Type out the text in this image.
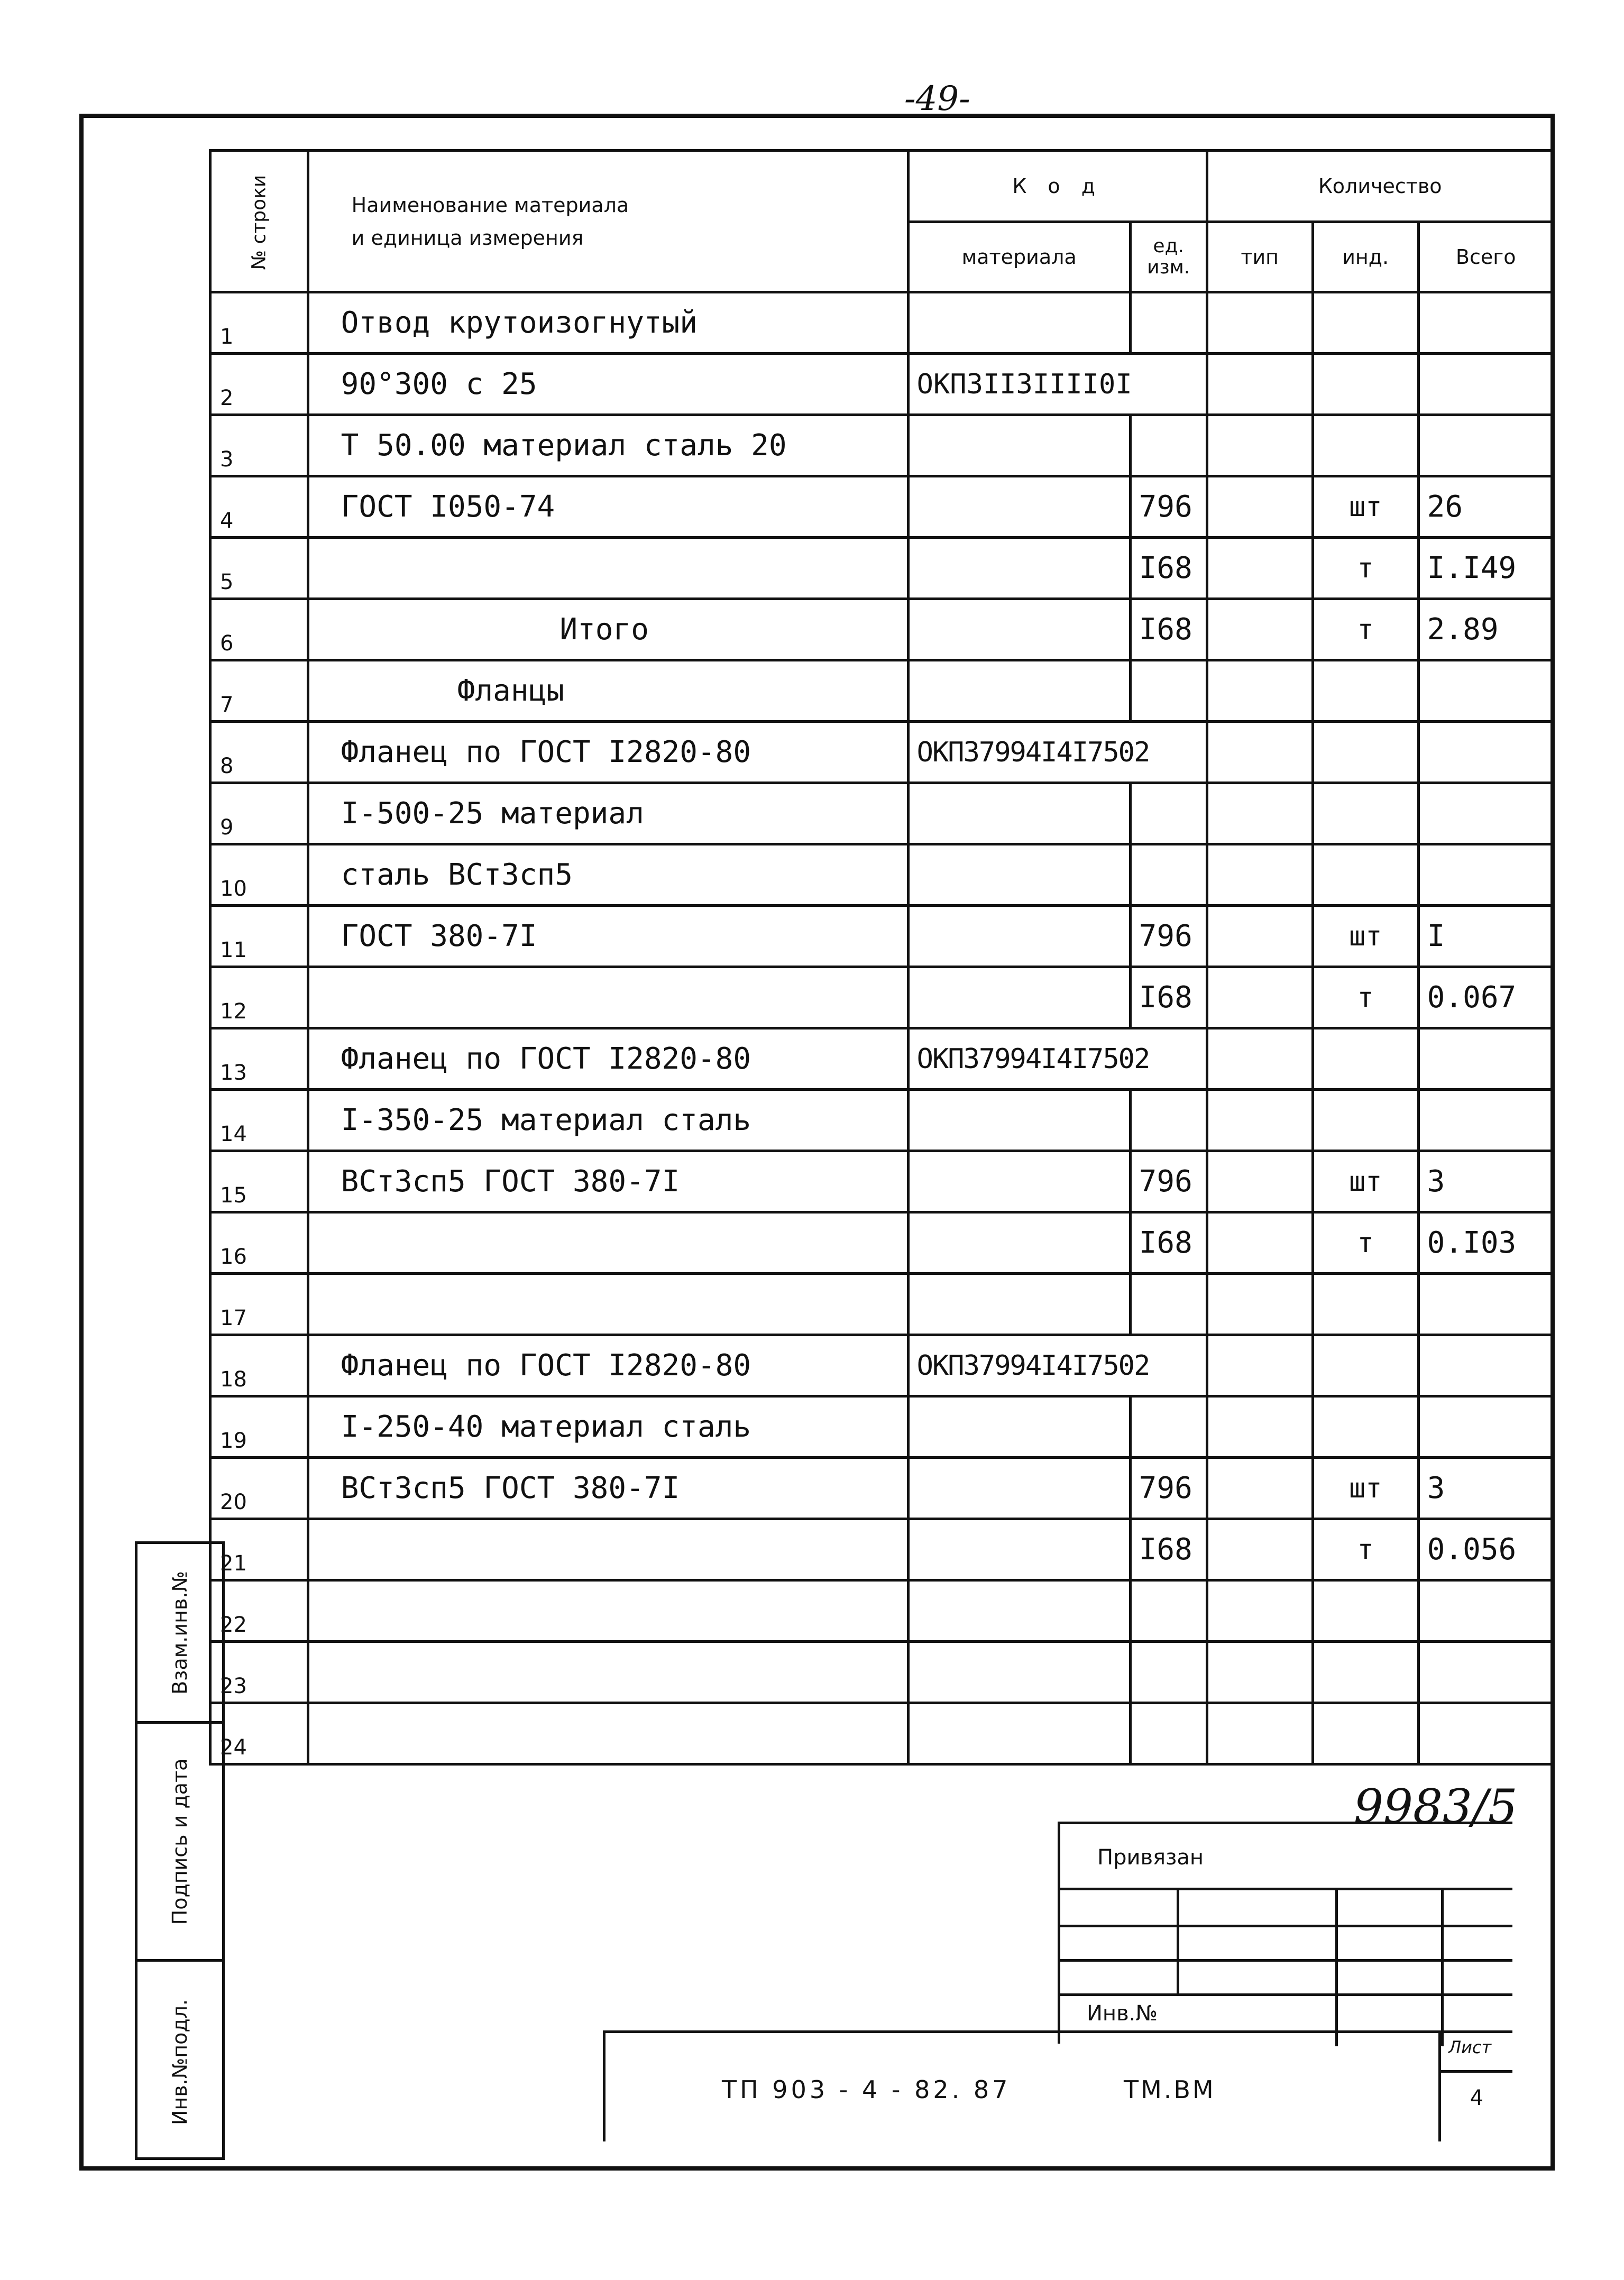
-49-
№ строки	Наименование материала
и единица измерения	К о д		Количество		
		материала	ед. изм.	тип	инд.	Всего
1	Отвод крутоизогнутый					
2	90°300 с 25	ОКПЗIIЗIIII0I				
3	Т 50.00 материал сталь 20					
4	ГОСТ I050-74		796		шт	26
5			I68		т	I.I49
6	Итого		I68		т	2.89
7	Фланцы					
8	Фланец по ГОСТ I2820-80	ОКПЗ7994I4I7502				
9	I-500-25 материал					
10	сталь ВСтЗсп5					
11	ГОСТ 380-7I		796		шт	I
12			I68		т	0.067
13	Фланец по ГОСТ I2820-80	ОКПЗ7994I4I7502				
14	I-350-25 материал сталь					
15	ВСтЗсп5 ГОСТ 380-7I		796		шт	3
16			I68		т	0.I03
17						
18	Фланец по ГОСТ I2820-80	ОКПЗ7994I4I7502				
19	I-250-40 материал сталь					
20	ВСтЗсп5 ГОСТ 380-7I		796		шт	3
21			I68		т	0.056
22						
23						
24						
Взам.инв.№
Подпись и дата
Инв.№подл.
9983/5
Привязан
Инв.№
ТП 903 - 4 - 82. 87	ТМ.ВМ
Лист
4
